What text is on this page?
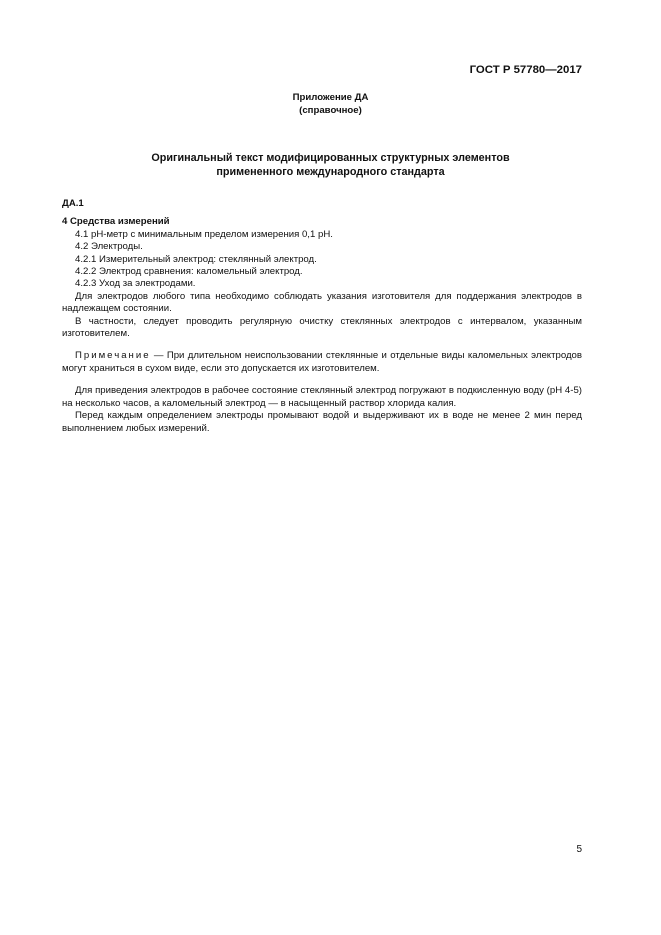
ГОСТ Р 57780—2017
Приложение ДА
(справочное)
Оригинальный текст модифицированных структурных элементов
примененного международного стандарта

ДА.1

4 Средства измерений

4.1 рН-метр с минимальным пределом измерения 0,1 рН.

4.2 Электроды.

4.2.1 Измерительный электрод: стеклянный электрод.

4.2.2 Электрод сравнения: каломельный электрод.

4.2.3 Уход за электродами.

Для электродов любого типа необходимо соблюдать указания изготовителя для поддержания электродов в надлежащем состоянии.

В частности, следует проводить регулярную очистку стеклянных электродов с интервалом, указанным изготовителем.

Примечание — При длительном неиспользовании стеклянные и отдельные виды каломельных электродов могут храниться в сухом виде, если это допускается их изготовителем.

Для приведения электродов в рабочее состояние стеклянный электрод погружают в подкисленную воду (рН 4-5) на несколько часов, а каломельный электрод — в насыщенный раствор хлорида калия.

Перед каждым определением электроды промывают водой и выдерживают их в воде не менее 2 мин перед выполнением любых измерений.

5
